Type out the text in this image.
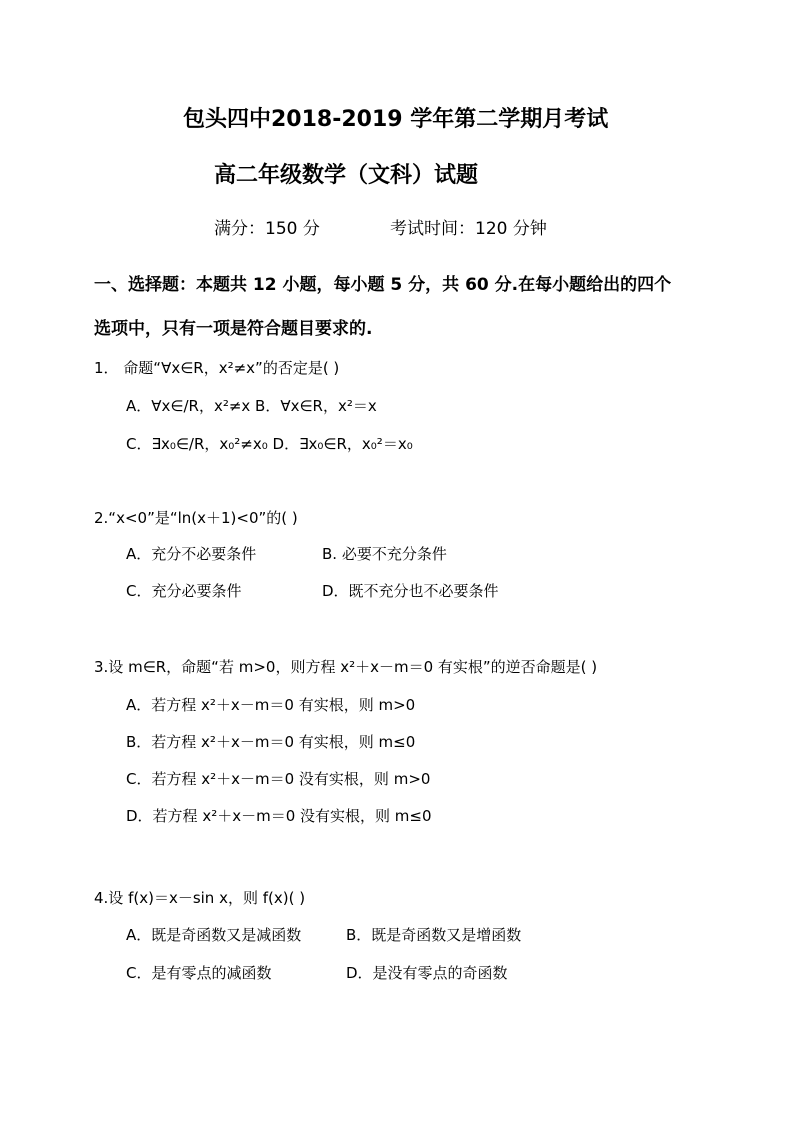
包头四中2018-2019 学年第二学期月考试
高二年级数学（文科）试题
满分：150 分	考试时间：120 分钟
一、选择题：本题共 12 小题，每小题 5 分，共 60 分.在每小题给出的四个
选项中，只有一项是符合题目要求的.
1． 命题“∀x∈R，x²≠x”的否定是( )
A．∀x∈/R，x²≠x B．∀x∈R，x²＝x
C．∃x₀∈/R，x₀²≠x₀ D．∃x₀∈R，x₀²＝x₀
2.“x<0”是“ln(x＋1)<0”的( )
A．充分不必要条件	B. 必要不充分条件
C．充分必要条件	D．既不充分也不必要条件
3.设 m∈R，命题“若 m>0，则方程 x²＋x－m＝0 有实根”的逆否命题是( )
A．若方程 x²＋x－m＝0 有实根，则 m>0
B．若方程 x²＋x－m＝0 有实根，则 m≤0
C．若方程 x²＋x－m＝0 没有实根，则 m>0
D．若方程 x²＋x－m＝0 没有实根，则 m≤0
4.设 f(x)＝x－sin x，则 f(x)( )
A．既是奇函数又是减函数	B．既是奇函数又是增函数
C．是有零点的减函数	D．是没有零点的奇函数
